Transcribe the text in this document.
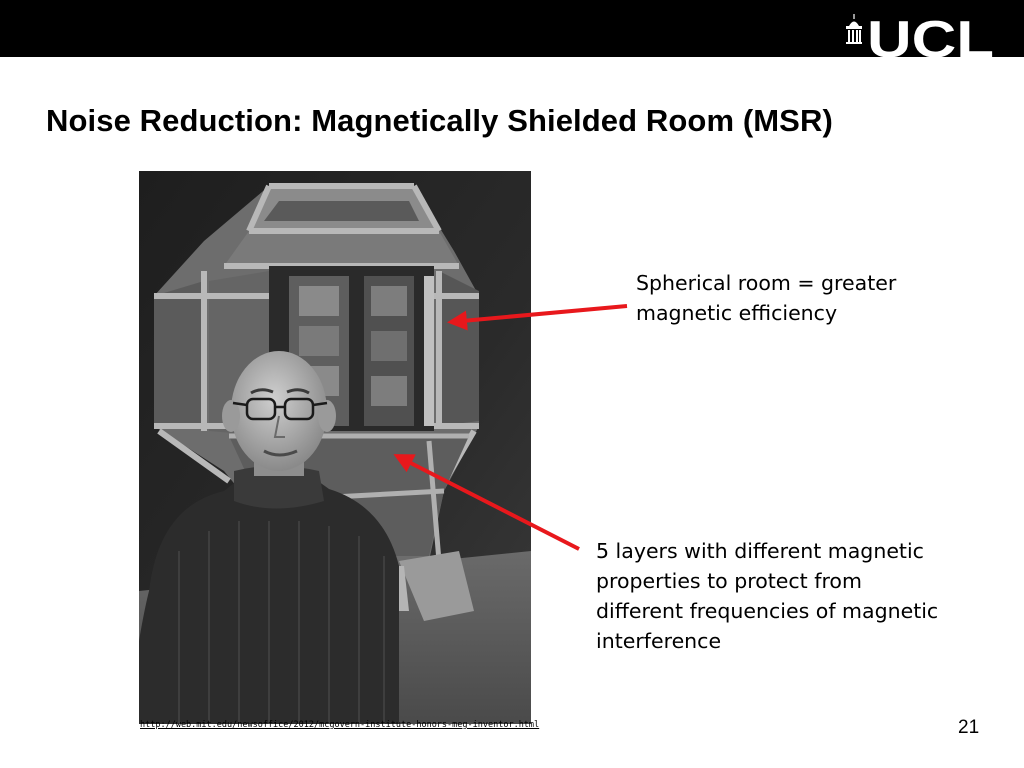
UCL
Noise Reduction: Magnetically Shielded Room (MSR)
Spherical room = greater
magnetic efficiency
5 layers with different magnetic
properties to protect from
different frequencies of magnetic
interference
http://web.mit.edu/newsoffice/2012/mcgovern-institute-honors-meg-inventor.html	21
